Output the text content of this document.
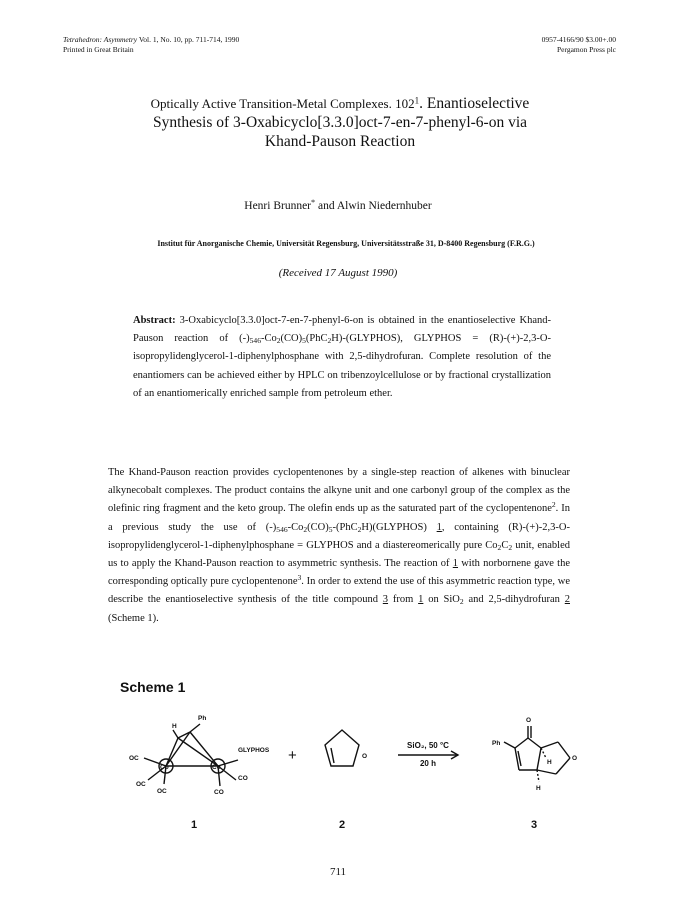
Tetrahedron: Asymmetry Vol. 1, No. 10, pp. 711-714, 1990
Printed in Great Britain
0957-4166/90 $3.00+.00
Pergamon Press plc
Optically Active Transition-Metal Complexes. $102^1$. Enantioselective
Synthesis of 3-Oxabicyclo[3.3.0]oct-7-en-7-phenyl-6-on via
Khand-Pauson Reaction
Henri Brunner* and Alwin Niedernhuber
Institut für Anorganische Chemie, Universität Regensburg, Universitätsstraße 31, D-8400 Regensburg (F.R.G.)
(Received 17 August 1990)
Abstract: 3-Oxabicyclo[3.3.0]oct-7-en-7-phenyl-6-on is obtained in the enantioselective Khand-Pauson reaction of $(-)_{546}-Co_2(CO)_5(PhC_2H)-(GLYPHOS)$, GLYPHOS = (R)-(+)-2,3-O-isopropylidenglycerol-1-diphenylphosphane with 2,5-dihydrofuran. Complete resolution of the enantiomers can be achieved either by HPLC on tribenzoylcellulose or by fractional crystallization of an enantiomerically enriched sample from petroleum ether.
The Khand-Pauson reaction provides cyclopentenones by a single-step reaction of alkenes with binuclear alkynecobalt complexes. The product contains the alkyne unit and one carbonyl group of the complex as the olefinic ring fragment and the keto group. The olefin ends up as the saturated part of the cyclopentenone$^2$. In a previous study the use of $(-)_{546}-Co_2(CO)_5-(PhC_2H)(GLYPHOS)$ 1, containing (R)-(+)-2,3-O-isopropylidenglycerol-1-diphenylphosphane = GLYPHOS and a diastereomerically pure $Co_2C_2$ unit, enabled us to apply the Khand-Pauson reaction to asymmetric synthesis. The reaction of 1 with norbornene gave the corresponding optically pure cyclopentenone$^3$. In order to extend the use of this asymmetric reaction type, we describe the enantioselective synthesis of the title compound 3 from 1 on SiO$_2$ and 2,5-dihydrofuran 2 (Scheme 1).
Scheme 1
H
Ph
GLYPHOS
OC
OC
OC
Co	Co
CO
CO
O
O
O
Ph
H
H
+
SiO₂, 50 °C
20 h
1	2	3
711
